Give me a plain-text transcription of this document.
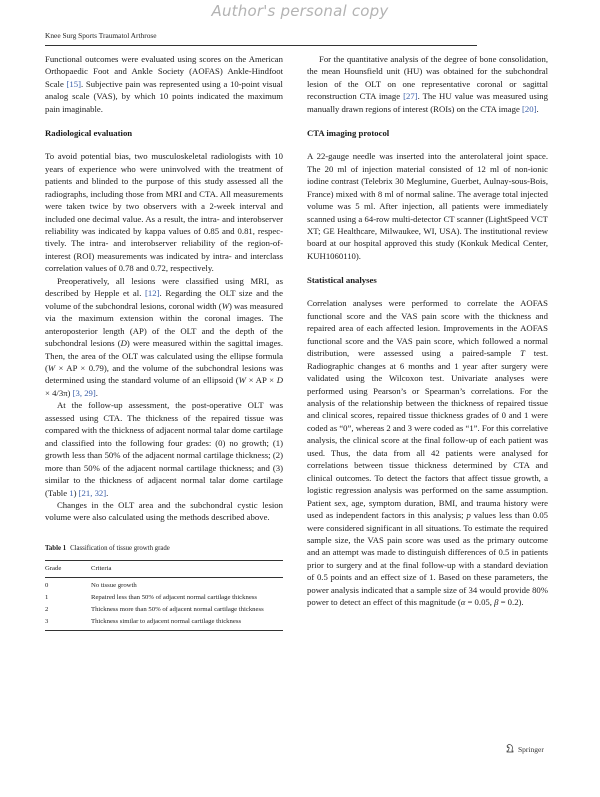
Author's personal copy
Knee Surg Sports Traumatol Arthrose

Functional outcomes were evaluated using scores on the American Orthopaedic Foot and Ankle Society (AOFAS) Ankle-Hindfoot Scale [15]. Subjective pain was represented using a 10-point visual analog scale (VAS), by which 10 points indicated the maximum pain imaginable.

Radiological evaluation

To avoid potential bias, two musculoskeletal radiologists with 10 years of experience who were uninvolved with the treatment of patients and blinded to the purpose of this study assessed all the radiographs, including those from MRI and CTA. All measurements were taken twice by two observers with a 2-week interval and included one decimal value. As a result, the intra- and interobserver reliability was indicated by kappa values of 0.85 and 0.81, respectively. The intra- and interobserver reliability of the region-of-interest (ROI) measurements was indicated by intra- and interclass correlation values of 0.78 and 0.72, respectively.

Preoperatively, all lesions were classified using MRI, as described by Hepple et al. [12]. Regarding the OLT size and the volume of the subchondral lesions, coronal width (W) was measured via the maximum extension within the coronal images. The anteroposterior length (AP) of the OLT and the depth of the subchondral lesions (D) were measured within the sagittal images. Then, the area of the OLT was calculated using the ellipse formula (W × AP × 0.79), and the volume of the subchondral lesions was determined using the standard volume of an ellipsoid (W × AP × D × 4/3π) [3, 29].

At the follow-up assessment, the post-operative OLT was assessed using CTA. The thickness of the repaired tissue was compared with the thickness of adjacent normal talar dome cartilage and classified into the following four grades: (0) no growth; (1) growth less than 50% of the adjacent normal cartilage thickness; (2) more than 50% of the adjacent normal cartilage thickness; and (3) similar to the thickness of adjacent normal talar dome cartilage (Table 1) [21, 32].

Changes in the OLT area and the subchondral cystic lesion volume were also calculated using the methods described above.

Table 1 Classification of tissue growth grade
Grade	Criteria
0	No tissue growth

1	Repaired less than 50% of adjacent normal cartilage thickness

2	Thickness more than 50% of adjacent normal cartilage thickness

3	Thickness similar to adjacent normal cartilage thickness

For the quantitative analysis of the degree of bone consolidation, the mean Hounsfield unit (HU) was obtained for the subchondral lesion of the OLT on one representative coronal or sagittal reconstruction CTA image [27]. The HU value was measured using manually drawn regions of interest (ROIs) on the CTA image [20].

CTA imaging protocol

A 22-gauge needle was inserted into the anterolateral joint space. The 20 ml of injection material consisted of 12 ml of non-ionic iodine contrast (Telebrix 30 Meglumine, Guerbet, Aulnay-sous-Bois, France) mixed with 8 ml of normal saline. The average total injected volume was 5 ml. After injection, all patients were immediately scanned using a 64-row multi-detector CT scanner (LightSpeed VCT XT; GE Healthcare, Milwaukee, WI, USA). The institutional review board at our hospital approved this study (Konkuk Medical Center, KUH1060110).

Statistical analyses

Correlation analyses were performed to correlate the AOFAS functional score and the VAS pain score with the thickness and repaired area of each affected lesion. Improvements in the AOFAS functional score and the VAS pain score, which followed a normal distribution, were assessed using a paired-sample T test. Radiographic changes at 6 months and 1 year after surgery were validated using the Wilcoxon test. Univariate analyses were performed using Pearson’s or Spearman’s correlations. For the analysis of the relationship between the thickness of repaired tissue and clinical scores, repaired tissue thickness grades of 0 and 1 were coded as “0”, whereas 2 and 3 were coded as “1”. For this correlative analysis, the clinical score at the final follow-up of each patient was used. Thus, the data from all 42 patients were analysed for correlations between tissue thickness determined by CTA and clinical outcomes. To detect the factors that affect tissue growth, a logistic regression analysis was performed on the same assumption. Patient sex, age, symptom duration, BMI, and trauma history were used as independent factors in this analysis; p values less than 0.05 were considered significant in all situations. To estimate the required sample size, the VAS pain score was used as the primary outcome and an attempt was made to distinguish differences of 0.5 in patients prior to surgery and at the final follow-up with a standard deviation of 0.5 points and an effect size of 1. Based on these parameters, the power analysis indicated that a sample size of 34 would provide 80% power to detect an effect of this magnitude (α = 0.05, β = 0.2).

Springer
